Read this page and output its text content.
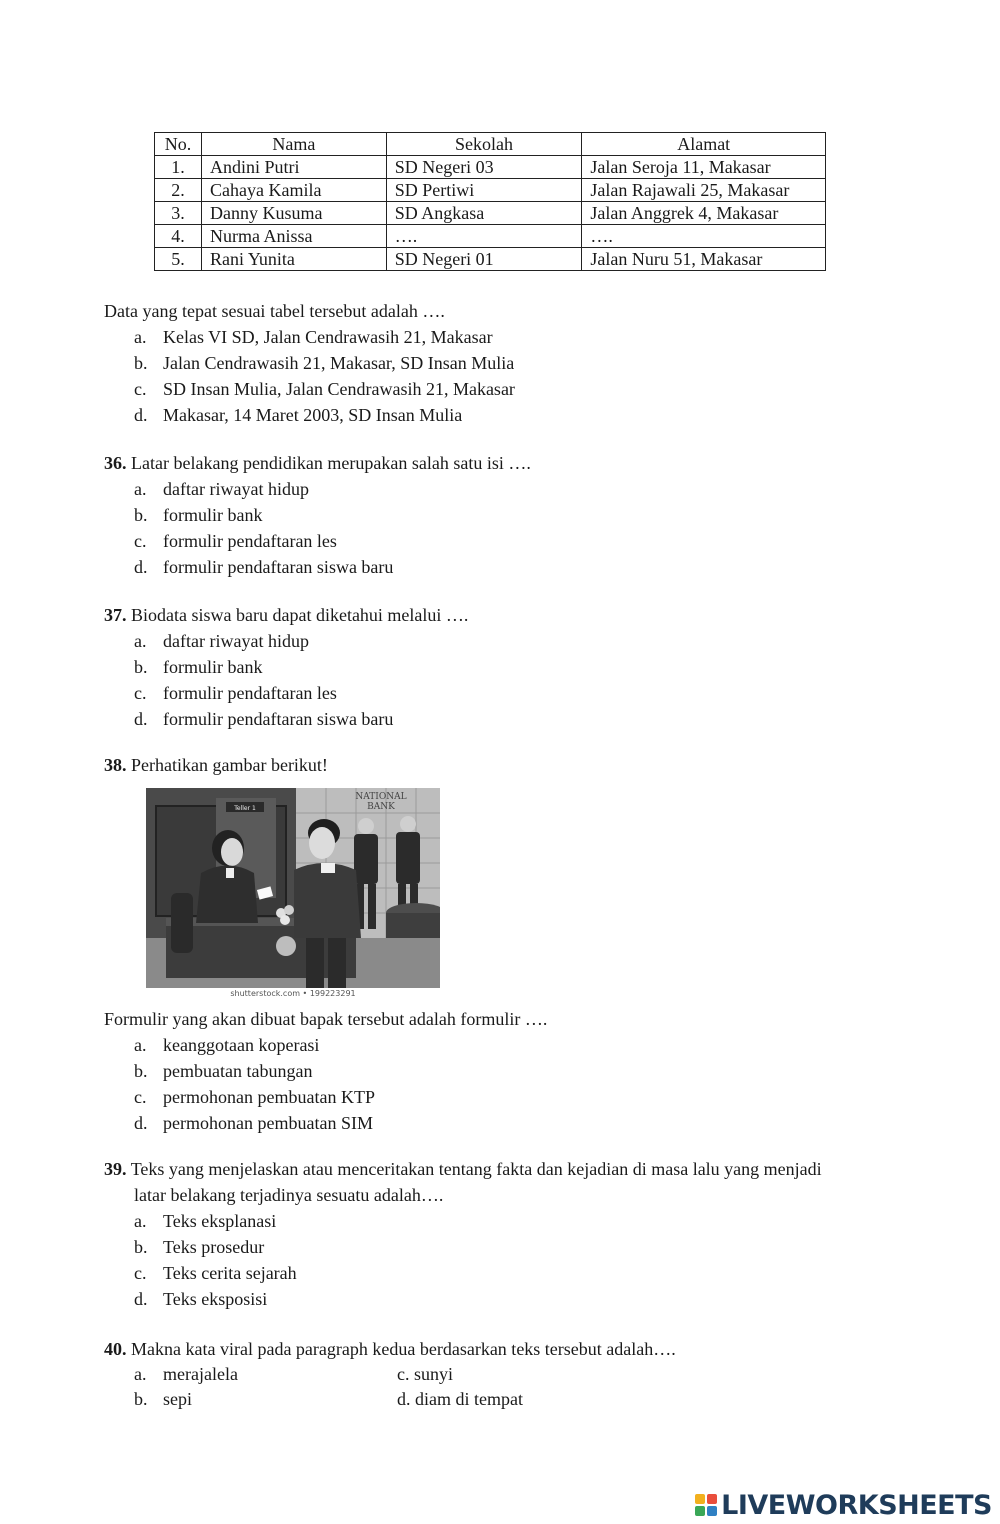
No.	Nama	Sekolah	Alamat
1.	Andini Putri	SD Negeri 03	Jalan Seroja 11, Makasar
2.	Cahaya Kamila	SD Pertiwi	Jalan Rajawali 25, Makasar
3.	Danny Kusuma	SD Angkasa	Jalan Anggrek 4, Makasar
4.	Nurma Anissa	….	….
5.	Rani Yunita	SD Negeri 01	Jalan Nuru 51, Makasar
Data yang tepat sesuai tabel tersebut adalah ….
a. Kelas VI SD, Jalan Cendrawasih 21, Makasar
b. Jalan Cendrawasih 21, Makasar, SD Insan Mulia
c. SD Insan Mulia, Jalan Cendrawasih 21, Makasar
d. Makasar, 14 Maret 2003, SD Insan Mulia
36. Latar belakang pendidikan merupakan salah satu isi ….
a. daftar riwayat hidup
b. formulir bank
c. formulir pendaftaran les
d. formulir pendaftaran siswa baru
37. Biodata siswa baru dapat diketahui melalui ….
a. daftar riwayat hidup
b. formulir bank
c. formulir pendaftaran les
d. formulir pendaftaran siswa baru
38. Perhatikan gambar berikut!
Teller 1
NATIONAL
BANK
shutterstock.com • 199223291
Formulir yang akan dibuat bapak tersebut adalah formulir ….
a. keanggotaan koperasi
b. pembuatan tabungan
c. permohonan pembuatan KTP
d. permohonan pembuatan SIM
39. Teks yang menjelaskan atau menceritakan tentang fakta dan kejadian di masa lalu yang menjadi
latar belakang terjadinya sesuatu adalah….
a. Teks eksplanasi
b. Teks prosedur
c. Teks cerita sejarah
d. Teks eksposisi
40. Makna kata viral pada paragraph kedua berdasarkan teks tersebut adalah….
a. merajalela	c. sunyi
b. sepi	d. diam di tempat
LIVEWORKSHEETS
